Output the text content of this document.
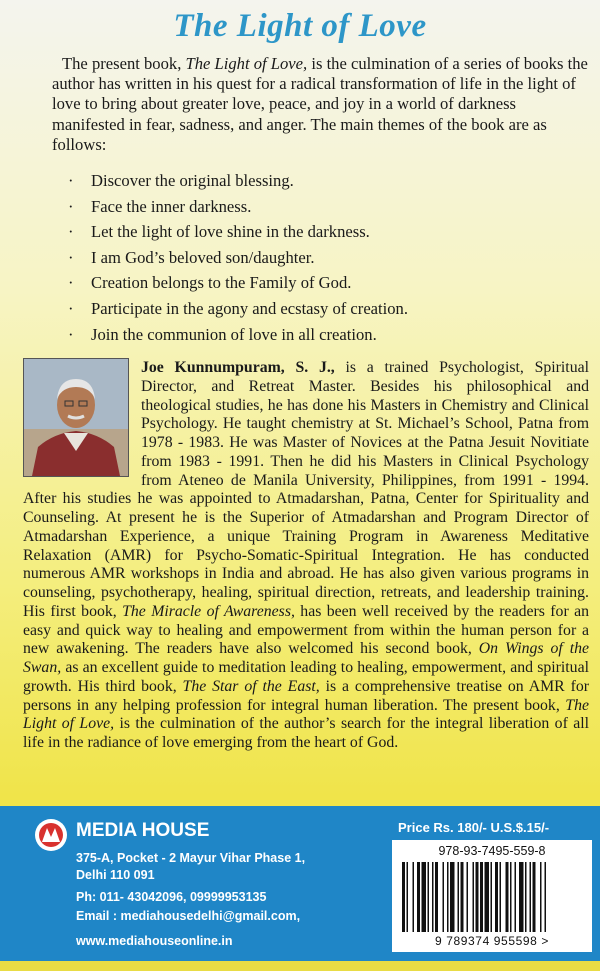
The Light of Love

The present book, The Light of Love, is the culmination of a series of books the author has written in his quest for a radical transformation of life in the light of love to bring about greater love, peace, and joy in a world of darkness manifested in fear, sadness, and anger. The main themes of the book are as follows:

· Discover the original blessing.
· Face the inner darkness.
· Let the light of love shine in the darkness.
· I am God’s beloved son/daughter.
· Creation belongs to the Family of God.
· Participate in the agony and ecstasy of creation.
· Join the communion of love in all creation.

Joe Kunnumpuram, S. J., is a trained Psychologist, Spiritual Director, and Retreat Master. Besides his philosophical and theological studies, he has done his Masters in Chemistry and Clinical Psychology. He taught chemistry at St. Michael’s School, Patna from 1978 - 1983. He was Master of Novices at the Patna Jesuit Novitiate from 1983 - 1991. Then he did his Masters in Clinical Psychology from Ateneo de Manila University, Philippines, from 1991 - 1994. After his studies he was appointed to Atmadarshan, Patna, Center for Spirituality and Counseling. At present he is the Superior of Atmadarshan and Program Director of Atmadarshan Experience, a unique Training Program in Awareness Meditative Relaxation (AMR) for Psycho-Somatic-Spiritual Integration. He has conducted numerous AMR workshops in India and abroad. He has also given various programs in counseling, psychotherapy, healing, spiritual direction, retreats, and leadership training. His first book, The Miracle of Awareness, has been well received by the readers for an easy and quick way to healing and empowerment from within the human person for a new awakening. The readers have also welcomed his second book, On Wings of the Swan, as an excellent guide to meditation leading to healing, empowerment, and spiritual growth. His third book, The Star of the East, is a comprehensive treatise on AMR for persons in any helping profession for integral human liberation. The present book, The Light of Love, is the culmination of the author’s search for the integral liberation of all life in the radiance of love emerging from the heart of God.

MEDIA HOUSE
375-A, Pocket - 2 Mayur Vihar Phase 1,
Delhi 110 091
Ph: 011- 43042096, 09999953135
Email : mediahousedelhi@gmail.com,
www.mediahouseonline.in
Price Rs. 180/- U.S.$.15/-
978-93-7495-559-8
9 789374 955598 >
